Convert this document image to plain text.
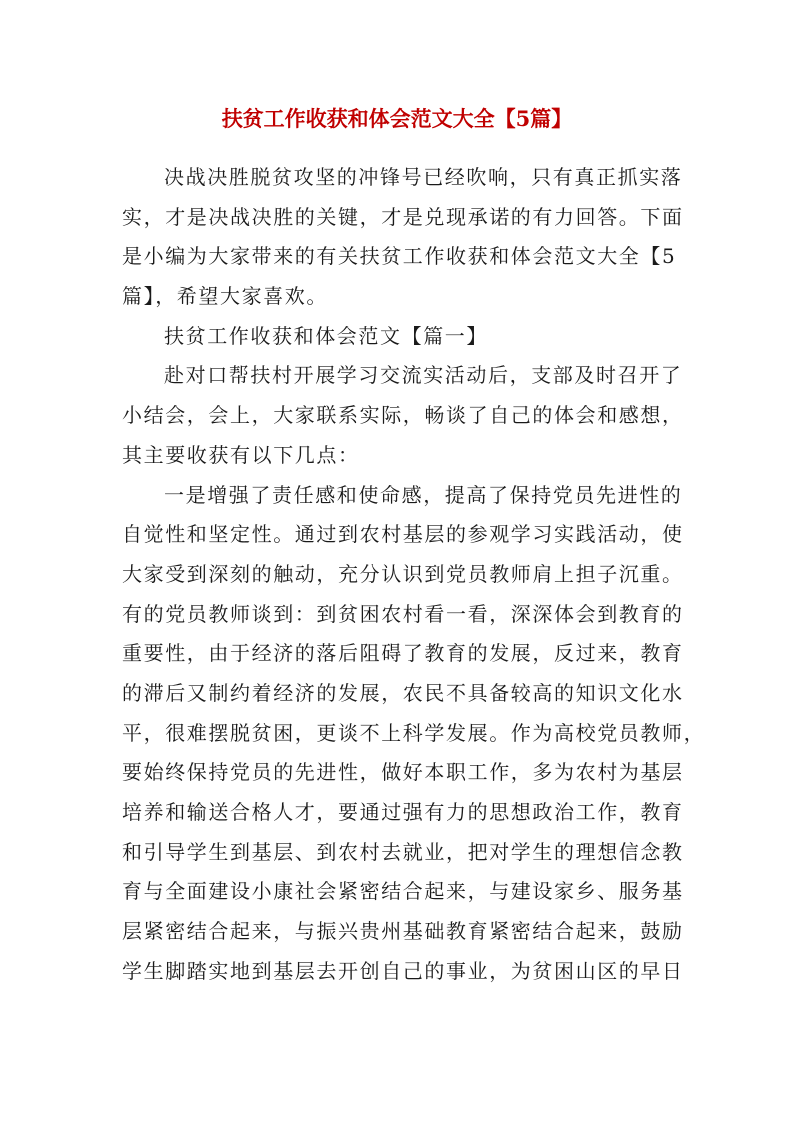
扶贫工作收获和体会范文大全【5篇】
决战决胜脱贫攻坚的冲锋号已经吹响，只有真正抓实落
实，才是决战决胜的关键，才是兑现承诺的有力回答。下面
是小编为大家带来的有关扶贫工作收获和体会范文大全【5
篇】，希望大家喜欢。
扶贫工作收获和体会范文【篇一】
赴对口帮扶村开展学习交流实活动后，支部及时召开了
小结会，会上，大家联系实际，畅谈了自己的体会和感想，
其主要收获有以下几点：
一是增强了责任感和使命感，提高了保持党员先进性的
自觉性和坚定性。通过到农村基层的参观学习实践活动，使
大家受到深刻的触动，充分认识到党员教师肩上担子沉重。
有的党员教师谈到：到贫困农村看一看，深深体会到教育的
重要性，由于经济的落后阻碍了教育的发展，反过来，教育
的滞后又制约着经济的发展，农民不具备较高的知识文化水
平，很难摆脱贫困，更谈不上科学发展。作为高校党员教师，
要始终保持党员的先进性，做好本职工作，多为农村为基层
培养和输送合格人才，要通过强有力的思想政治工作，教育
和引导学生到基层、到农村去就业，把对学生的理想信念教
育与全面建设小康社会紧密结合起来，与建设家乡、服务基
层紧密结合起来，与振兴贵州基础教育紧密结合起来，鼓励
学生脚踏实地到基层去开创自己的事业，为贫困山区的早日
